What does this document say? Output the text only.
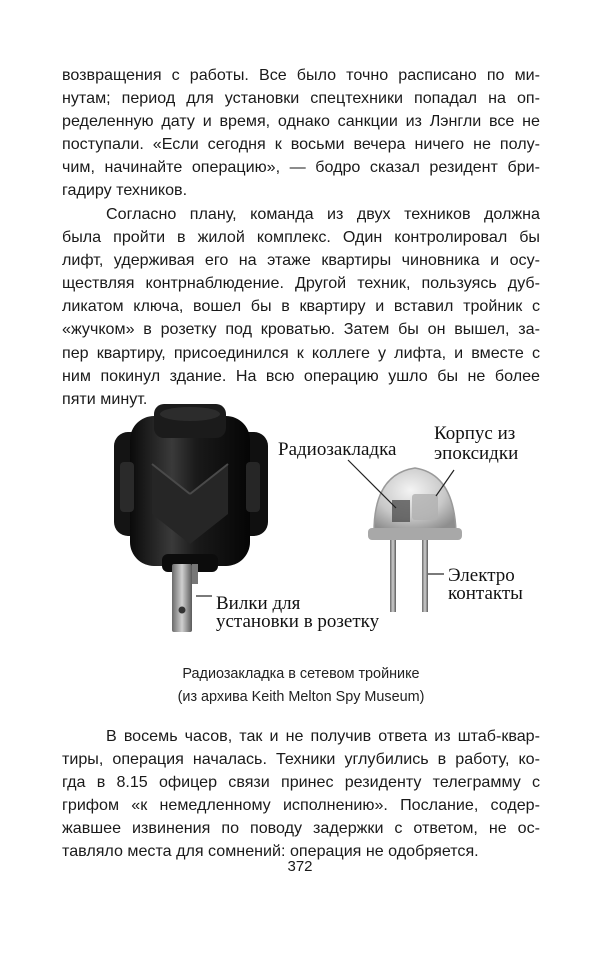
возвращения с работы. Все было точно расписано по ми-
нутам; период для установки спецтехники попадал на оп-
ределенную дату и время, однако санкции из Лэнгли все не
поступали. «Если сегодня к восьми вечера ничего не полу-
чим, начинайте операцию», — бодро сказал резидент бри-
гадиру техников.
Согласно плану, команда из двух техников должна
была пройти в жилой комплекс. Один контролировал бы
лифт, удерживая его на этаже квартиры чиновника и осу-
ществляя контрнаблюдение. Другой техник, пользуясь дуб-
ликатом ключа, вошел бы в квартиру и вставил тройник с
«жучком» в розетку под кроватью. Затем бы он вышел, за-
пер квартиру, присоединился к коллеге у лифта, и вместе с
ним покинул здание. На всю операцию ушло бы не более
пяти минут.
Радиозакладка
Корпус из
эпоксидки
Электро
контакты
Вилки для
установки в розетку
Радиозакладка в сетевом тройнике
(из архива Keith Melton Spy Museum)
В восемь часов, так и не получив ответа из штаб-квар-
тиры, операция началась. Техники углубились в работу, ко-
гда в 8.15 офицер связи принес резиденту телеграмму с
грифом «к немедленному исполнению». Послание, содер-
жавшее извинения по поводу задержки с ответом, не ос-
тавляло места для сомнений: операция не одобряется.
372
